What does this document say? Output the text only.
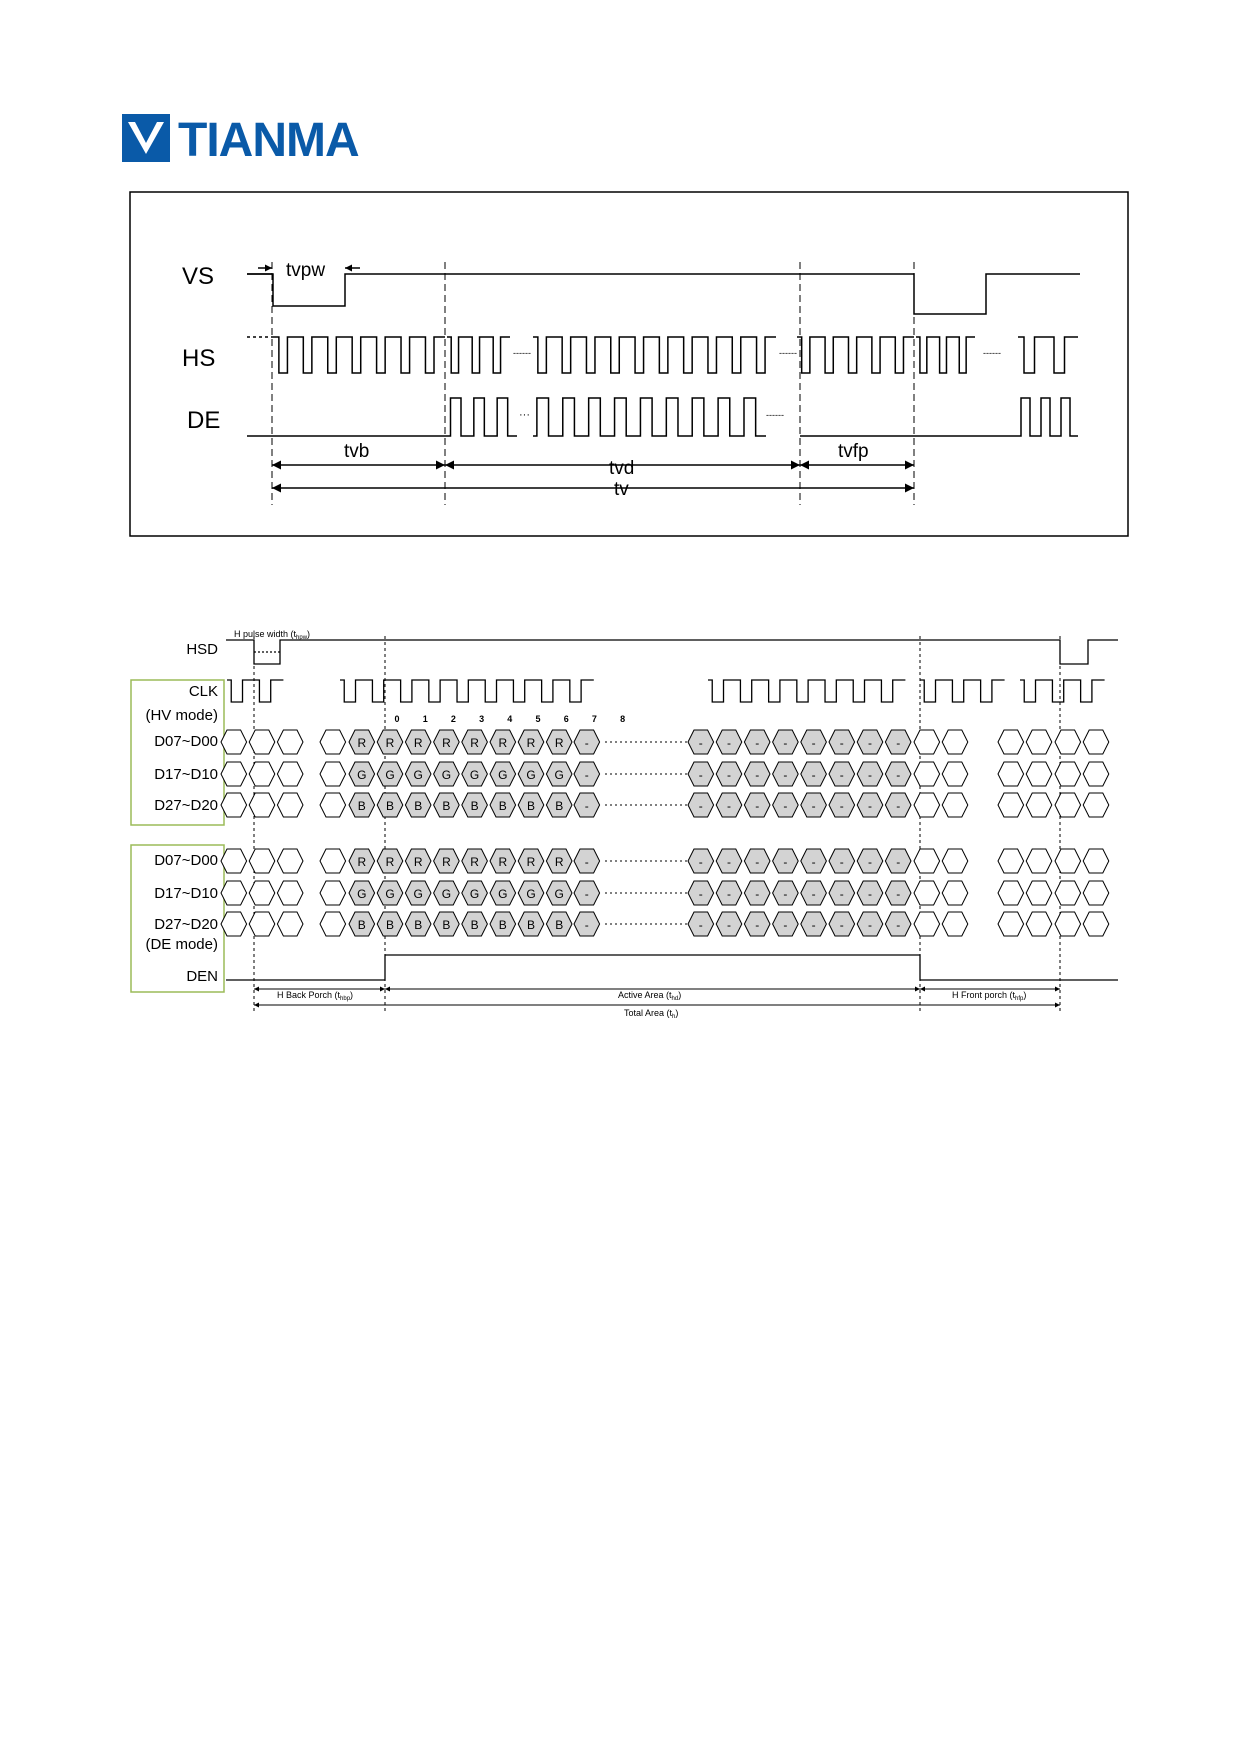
TIANMA
VS
HS
DE
------	------	------
···	------
tvpw
tvb
tvd
tvfp
tv
HSD
CLK
(HV mode)
D07~D00
D17~D10
D27~D20
D07~D00
D17~D10
D27~D20
(DE mode)
DEN
0	1	2	3	4	5	6	7	8
R R R R R R R R -	- - - - - - - -
G G G G G G G G -	- - - - - - - -
B B B B B B B B -	- - - - - - - -
R R R R R R R R -	- - - - - - - -
G G G G G G G G -	- - - - - - - -
B B B B B B B B -	- - - - - - - -
H pulse width $(t_{hpw})$
H Back Porch $(t_{hbp})$	Active Area $(t_{hd})$	H Front porch $(t_{hfp})$
Total Area $(t_h)$
